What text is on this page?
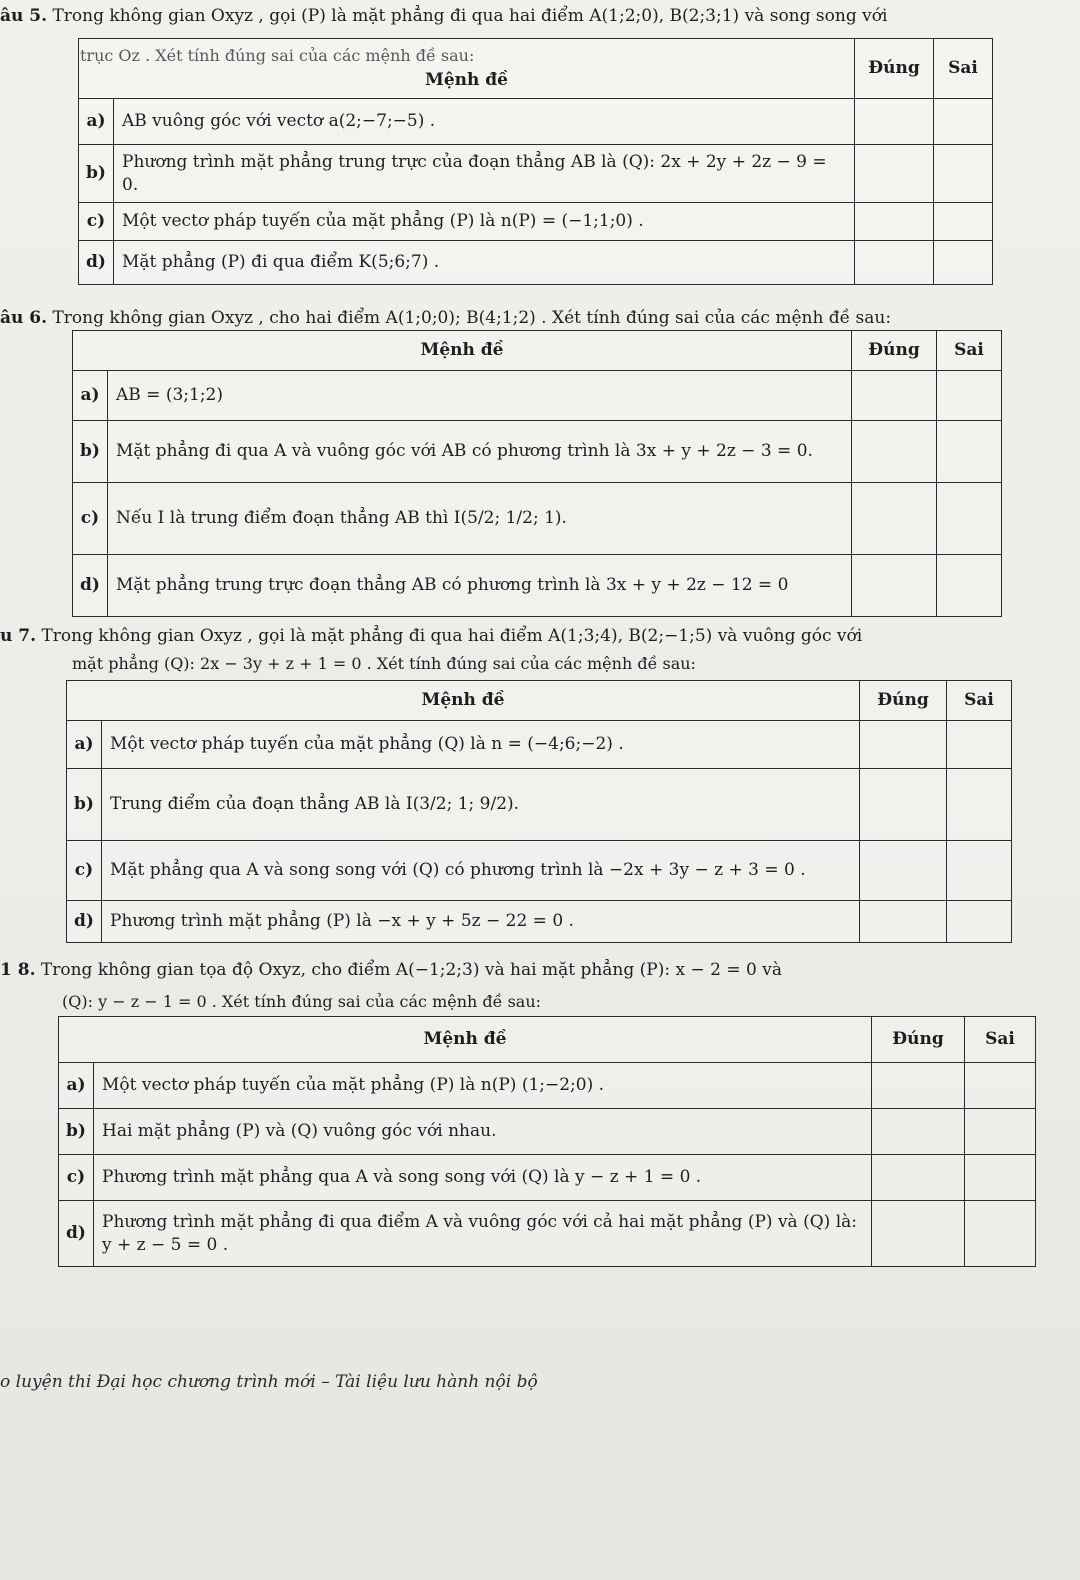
âu 5. Trong không gian Oxyz , gọi (P) là mặt phẳng đi qua hai điểm A(1;2;0), B(2;3;1) và song song với
trục Oz . Xét tính đúng sai của các mệnh đề sau:
Mệnh đề		Đúng	Sai
a)	AB vuông góc với vectơ a(2;−7;−5) .		
b)	Phương trình mặt phẳng trung trực của đoạn thẳng AB là (Q): 2x + 2y + 2z − 9 = 0.		
c)	Một vectơ pháp tuyến của mặt phẳng (P) là n(P) = (−1;1;0) .		
d)	Mặt phẳng (P) đi qua điểm K(5;6;7) .		
âu 6. Trong không gian Oxyz , cho hai điểm A(1;0;0); B(4;1;2) . Xét tính đúng sai của các mệnh đề sau:
Mệnh đề		Đúng	Sai
a)	AB = (3;1;2)		
b)	Mặt phẳng đi qua A và vuông góc với AB có phương trình là 3x + y + 2z − 3 = 0.		
c)	Nếu I là trung điểm đoạn thẳng AB thì I(5/2; 1/2; 1).		
d)	Mặt phẳng trung trực đoạn thẳng AB có phương trình là 3x + y + 2z − 12 = 0		
u 7. Trong không gian Oxyz , gọi là mặt phẳng đi qua hai điểm A(1;3;4), B(2;−1;5) và vuông góc với
mặt phẳng (Q): 2x − 3y + z + 1 = 0 . Xét tính đúng sai của các mệnh đề sau:
Mệnh đề		Đúng	Sai
a)	Một vectơ pháp tuyến của mặt phẳng (Q) là n = (−4;6;−2) .		
b)	Trung điểm của đoạn thẳng AB là I(3/2; 1; 9/2).		
c)	Mặt phẳng qua A và song song với (Q) có phương trình là −2x + 3y − z + 3 = 0 .		
d)	Phương trình mặt phẳng (P) là −x + y + 5z − 22 = 0 .		
1 8. Trong không gian tọa độ Oxyz, cho điểm A(−1;2;3) và hai mặt phẳng (P): x − 2 = 0 và
(Q): y − z − 1 = 0 . Xét tính đúng sai của các mệnh đề sau:
Mệnh đề		Đúng	Sai
a)	Một vectơ pháp tuyến của mặt phẳng (P) là n(P) (1;−2;0) .		
b)	Hai mặt phẳng (P) và (Q) vuông góc với nhau.		
c)	Phương trình mặt phẳng qua A và song song với (Q) là y − z + 1 = 0 .		
d)	Phương trình mặt phẳng đi qua điểm A và vuông góc với cả hai mặt phẳng (P) và (Q) là: y + z − 5 = 0 .		
o luyện thi Đại học chương trình mới – Tài liệu lưu hành nội bộ
